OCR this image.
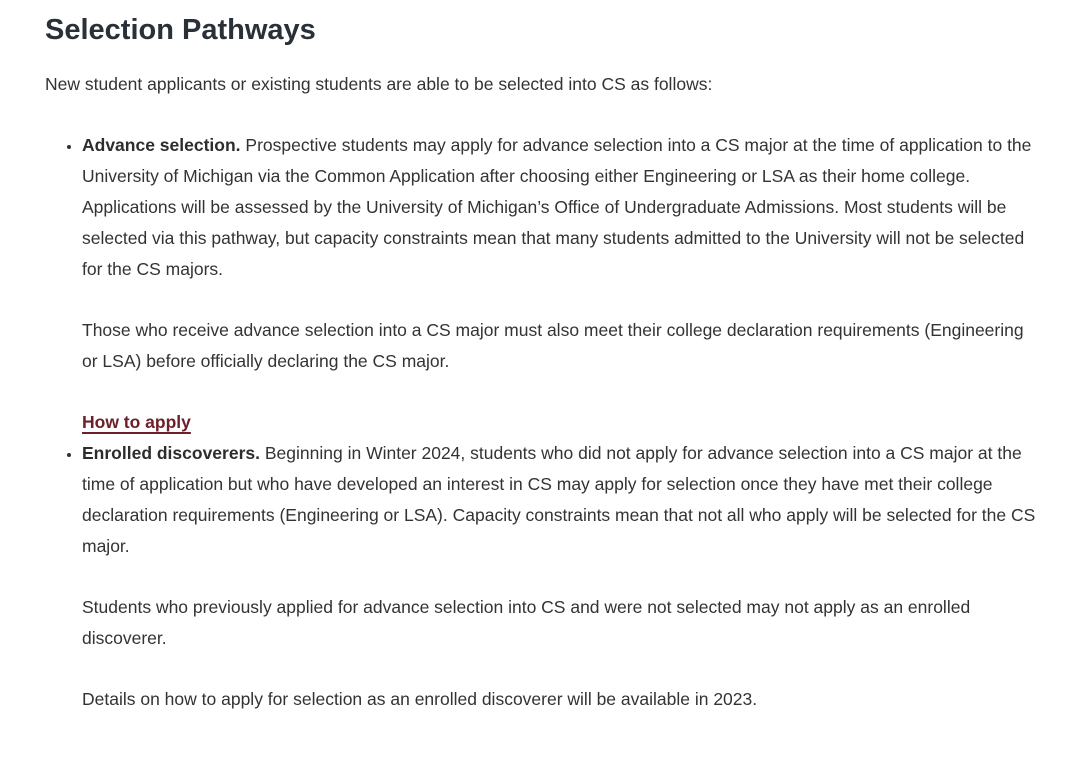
Selection Pathways

New student applicants or existing students are able to be selected into CS as follows:

• Advance selection. Prospective students may apply for advance selection into a CS major at the time of application to the University of Michigan via the Common Application after choosing either Engineering or LSA as their home college. Applications will be assessed by the University of Michigan’s Office of Undergraduate Admissions. Most students will be selected via this pathway, but capacity constraints mean that many students admitted to the University will not be selected for the CS majors.

Those who receive advance selection into a CS major must also meet their college declaration requirements (Engineering or LSA) before officially declaring the CS major.

How to apply

• Enrolled discoverers. Beginning in Winter 2024, students who did not apply for advance selection into a CS major at the time of application but who have developed an interest in CS may apply for selection once they have met their college declaration requirements (Engineering or LSA). Capacity constraints mean that not all who apply will be selected for the CS major.

Students who previously applied for advance selection into CS and were not selected may not apply as an enrolled discoverer.

Details on how to apply for selection as an enrolled discoverer will be available in 2023.
